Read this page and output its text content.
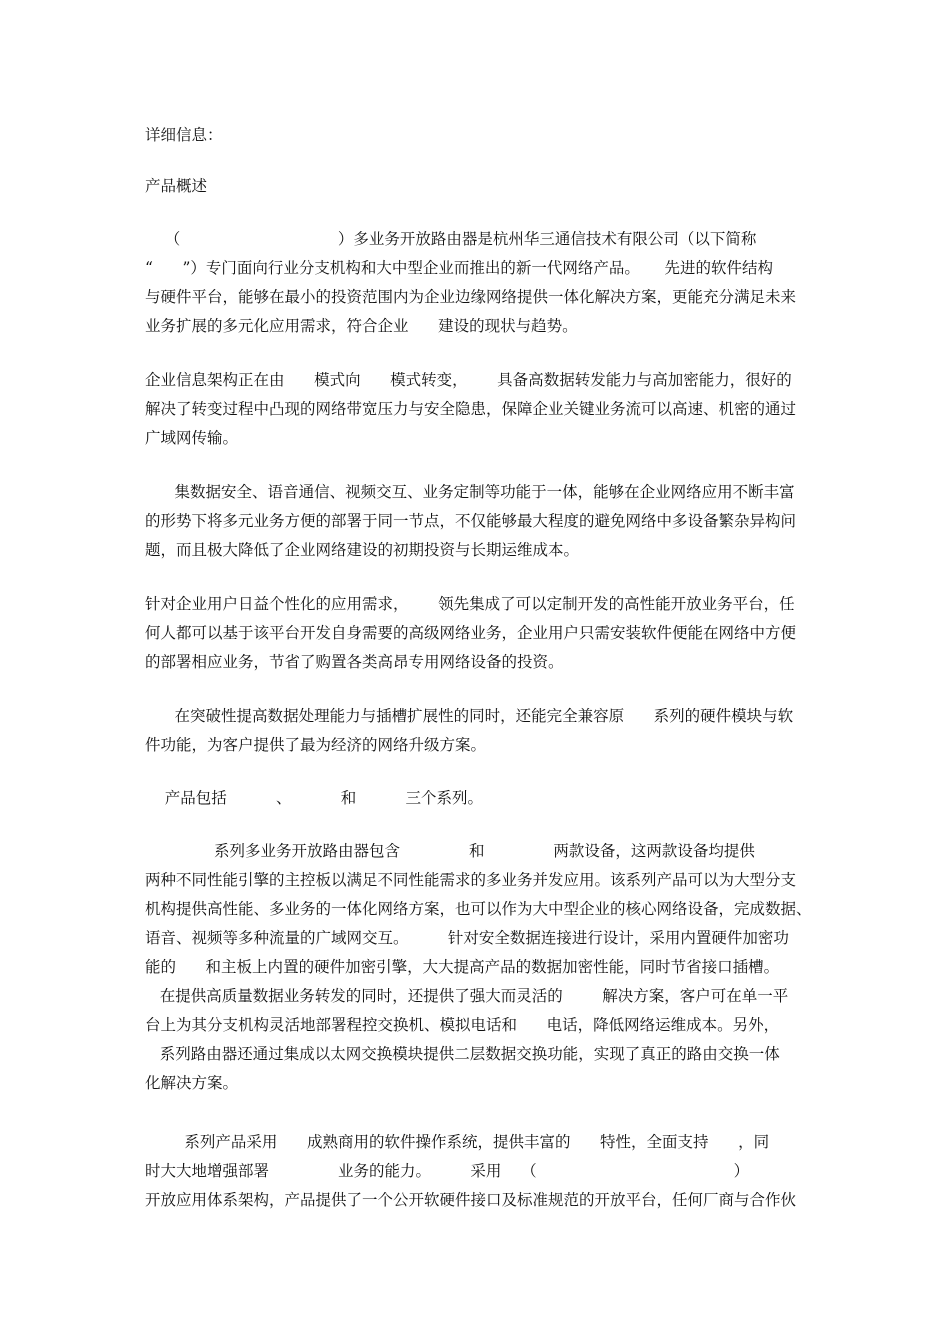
详细信息：
产品概述
（                                ）多业务开放路由器是杭州华三通信技术有限公司（以下简称
“      ”）专门面向行业分支机构和大中型企业而推出的新一代网络产品。     先进的软件结构
与硬件平台，能够在最小的投资范围内为企业边缘网络提供一体化解决方案，更能充分满足未来
业务扩展的多元化应用需求，符合企业      建设的现状与趋势。
企业信息架构正在由      模式向      模式转变，      具备高数据转发能力与高加密能力，很好的
解决了转变过程中凸现的网络带宽压力与安全隐患，保障企业关键业务流可以高速、机密的通过
广域网传输。
集数据安全、语音通信、视频交互、业务定制等功能于一体，能够在企业网络应用不断丰富
的形势下将多元业务方便的部署于同一节点，不仅能够最大程度的避免网络中多设备繁杂异构问
题，而且极大降低了企业网络建设的初期投资与长期运维成本。
针对企业用户日益个性化的应用需求，      领先集成了可以定制开发的高性能开放业务平台，任
何人都可以基于该平台开发自身需要的高级网络业务，企业用户只需安装软件便能在网络中方便
的部署相应业务，节省了购置各类高昂专用网络设备的投资。
在突破性提高数据处理能力与插槽扩展性的同时，还能完全兼容原      系列的硬件模块与软
件功能，为客户提供了最为经济的网络升级方案。
产品包括          、          和          三个系列。
系列多业务开放路由器包含              和              两款设备，这两款设备均提供
两种不同性能引擎的主控板以满足不同性能需求的多业务并发应用。该系列产品可以为大型分支
机构提供高性能、多业务的一体化网络方案，也可以作为大中型企业的核心网络设备，完成数据、
语音、视频等多种流量的广域网交互。        针对安全数据连接进行设计，采用内置硬件加密功
能的      和主板上内置的硬件加密引擎，大大提高产品的数据加密性能，同时节省接口插槽。
在提供高质量数据业务转发的同时，还提供了强大而灵活的        解决方案，客户可在单一平
台上为其分支机构灵活地部署程控交换机、模拟电话和      电话，降低网络运维成本。另外，
系列路由器还通过集成以太网交换模块提供二层数据交换功能，实现了真正的路由交换一体
化解决方案。
系列产品采用      成熟商用的软件操作系统，提供丰富的      特性，全面支持      ，同
时大大地增强部署              业务的能力。        采用    （                                        ）
开放应用体系架构，产品提供了一个公开软硬件接口及标准规范的开放平台，任何厂商与合作伙
